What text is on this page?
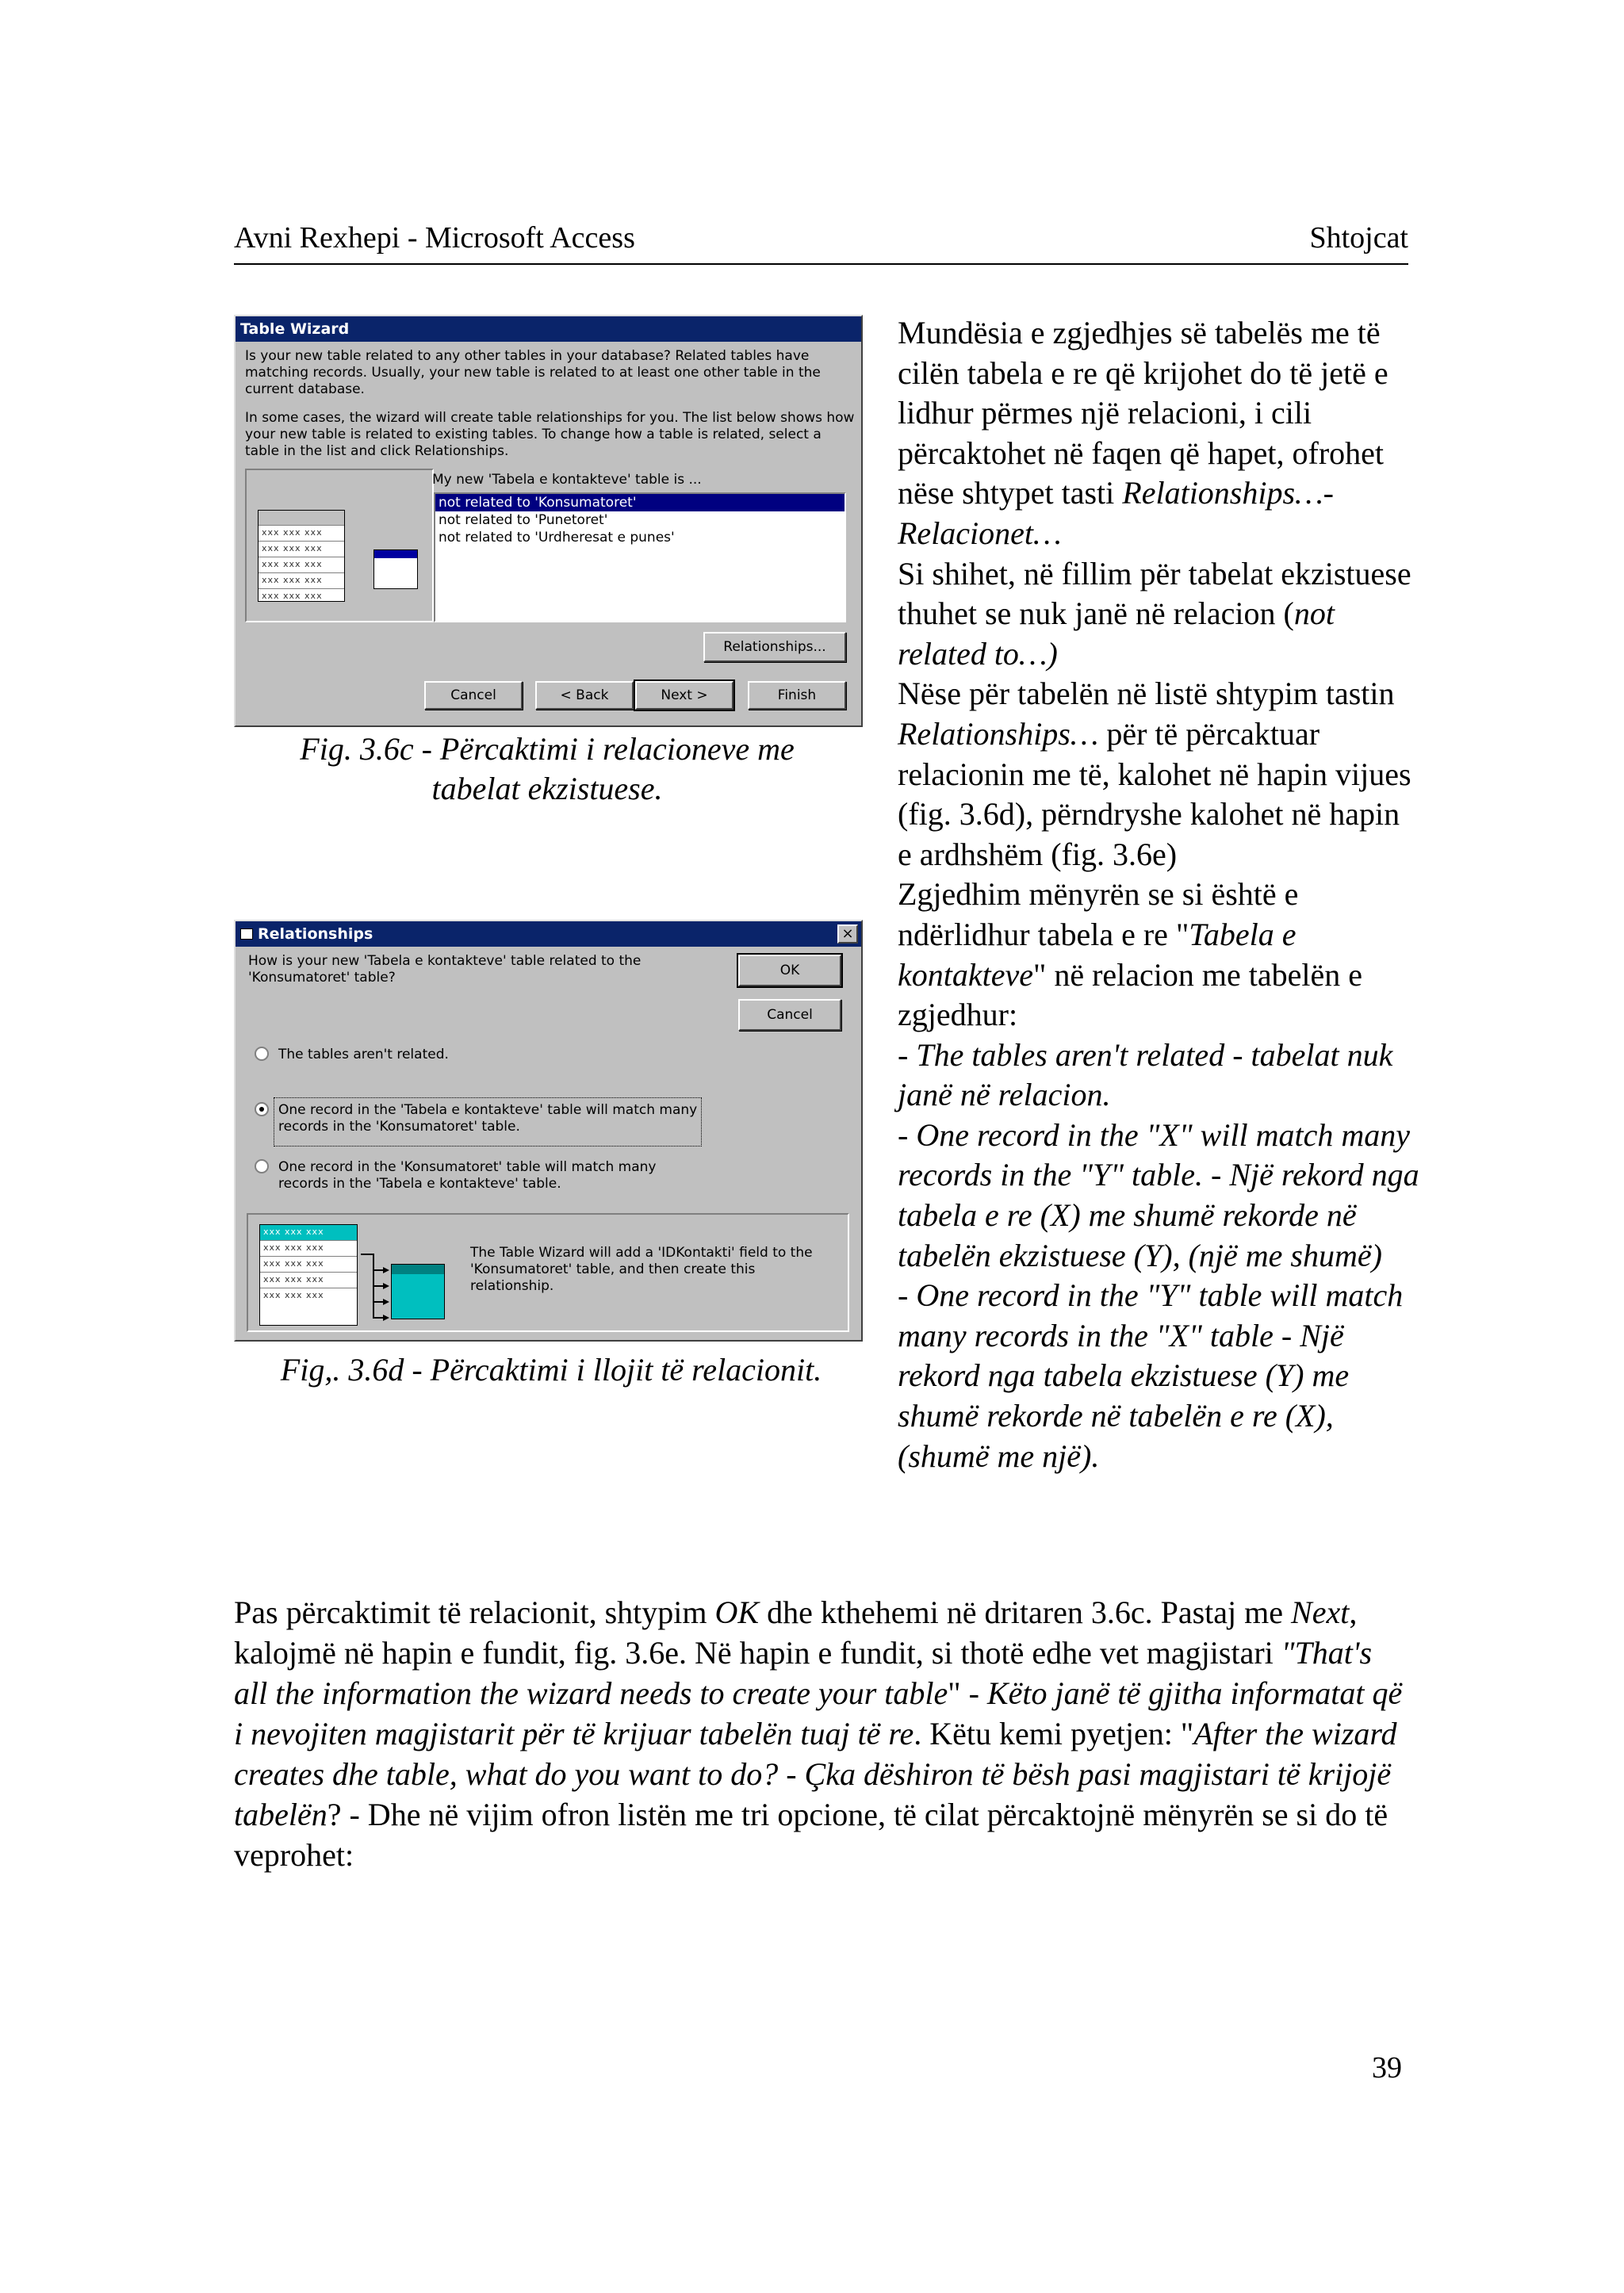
Avni Rexhepi - Microsoft Access	Shtojcat
Table Wizard
Is your new table related to any other tables in your database? Related tables have matching records. Usually, your new table is related to at least one other table in the current database.
In some cases, the wizard will create table relationships for you. The list below shows how your new table is related to existing tables. To change how a table is related, select a table in the list and click Relationships.
xxx xxx xxx
xxx xxx xxx
xxx xxx xxx
xxx xxx xxx
xxx xxx xxx
My new 'Tabela e kontakteve' table is ...
not related to 'Konsumatoret'
not related to 'Punetoret'
not related to 'Urdheresat e punes'
Relationships...
Cancel	< Back	Next >	Finish
Fig. 3.6c - Përcaktimi i relacioneve me tabelat ekzistuese.
Relationships	×
How is your new 'Tabela e kontakteve' table related to the 'Konsumatoret' table?	OK
Cancel
The tables aren't related.
One record in the 'Tabela e kontakteve' table will match many records in the 'Konsumatoret' table.
One record in the 'Konsumatoret' table will match many records in the 'Tabela e kontakteve' table.
xxx xxx xxx
xxx xxx xxx
xxx xxx xxx
xxx xxx xxx
xxx xxx xxx
The Table Wizard will add a 'IDKontakti' field to the 'Konsumatoret' table, and then create this relationship.
Fig,. 3.6d - Përcaktimi i llojit të relacionit.

Mundësia e zgjedhjes së tabelës me të cilën tabela e re që krijohet do të jetë e lidhur përmes një relacioni, i cili përcaktohet në faqen që hapet, ofrohet nëse shtypet tasti Relationships…- Relacionet…

Si shihet, në fillim për tabelat ekzistuese thuhet se nuk janë në relacion (not related to…)

Nëse për tabelën në listë shtypim tastin Relationships… për të përcaktuar relacionin me të, kalohet në hapin vijues (fig. 3.6d), përndryshe kalohet në hapin e ardhshëm (fig. 3.6e)

Zgjedhim mënyrën se si është e ndërlidhur tabela e re "Tabela e kontakteve" në relacion me tabelën e zgjedhur:

- The tables aren't related - tabelat nuk janë në relacion.

- One record in the "X" will match many records in the "Y" table. - Një rekord nga tabela e re (X) me shumë rekorde në tabelën ekzistuese (Y), (një me shumë)

- One record in the "Y" table will match many records in the "X" table - Një rekord nga tabela ekzistuese (Y) me shumë rekorde në tabelën e re (X), (shumë me një).

Pas përcaktimit të relacionit, shtypim OK dhe kthehemi në dritaren 3.6c. Pastaj me Next, kalojmë në hapin e fundit, fig. 3.6e. Në hapin e fundit, si thotë edhe vet magjistari "That's all the information the wizard needs to create your table" - Këto janë të gjitha informatat që i nevojiten magjistarit për të krijuar tabelën tuaj të re. Këtu kemi pyetjen: "After the wizard creates dhe table, what do you want to do? - Çka dëshiron të bësh pasi magjistari të krijojë tabelën? - Dhe në vijim ofron listën me tri opcione, të cilat përcaktojnë mënyrën se si do të veprohet:

39
